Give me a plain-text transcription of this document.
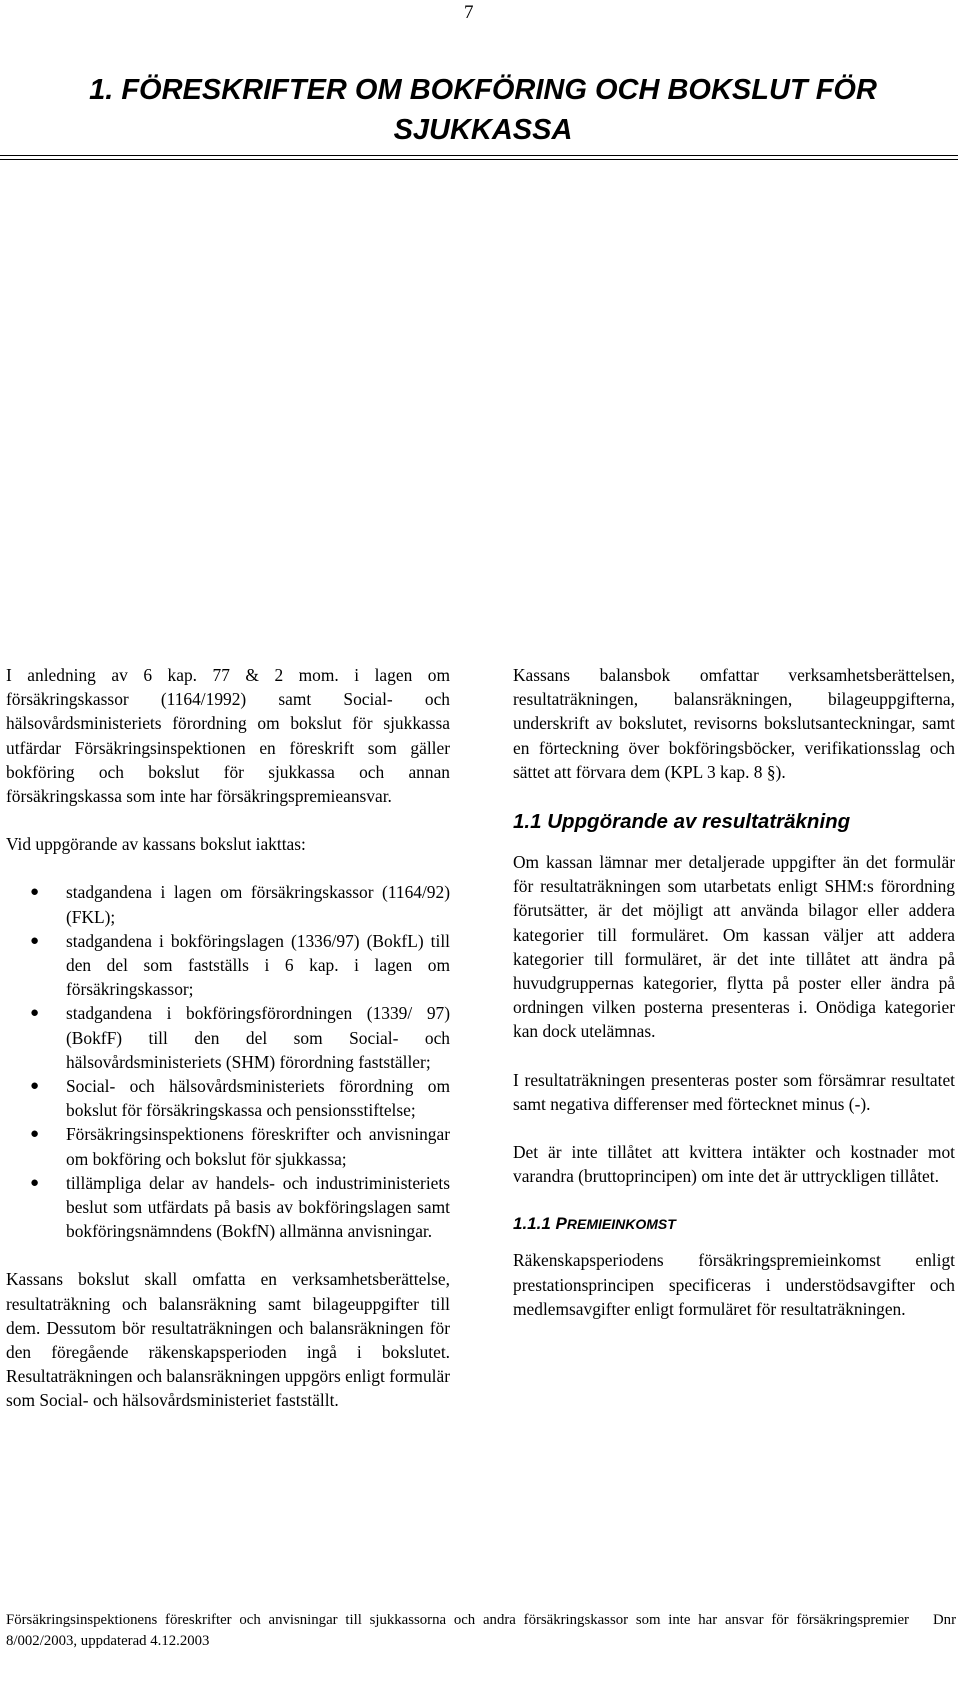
7
1. FÖRESKRIFTER OM BOKFÖRING OCH BOKSLUT FÖR SJUKKASSA

I anledning av 6 kap. 77 & 2 mom. i lagen om försäkringskassor (1164/1992) samt Social- och hälsovårdsministeriets förordning om bokslut för sjukkassa utfärdar Försäkringsinspektionen en föreskrift som gäller bokföring och bokslut för sjukkassa och annan försäkringskassa som inte har försäkringspremieansvar.

Vid uppgörande av kassans bokslut iakttas:

● stadgandena i lagen om försäkringskassor (1164/92)(FKL);
● stadgandena i bokföringslagen (1336/97) (BokfL) till den del som fastställs i 6 kap. i lagen om försäkringskassor;
● stadgandena i bokföringsförordningen (1339/ 97)(BokfF) till den del som Social- och hälsovårdsministeriets (SHM) förordning fastställer;
● Social- och hälsovårdsministeriets förordning om bokslut för försäkringskassa och pensionsstiftelse;
● Försäkringsinspektionens föreskrifter och anvisningar om bokföring och bokslut för sjukkassa;
● tillämpliga delar av handels- och industriministeriets beslut som utfärdats på basis av bokföringslagen samt bokföringsnämndens (BokfN) allmänna anvisningar.

Kassans bokslut skall omfatta en verksamhetsberättelse, resultaträkning och balansräkning samt bilageuppgifter till dem. Dessutom bör resultaträkningen och balansräkningen för den föregående räkenskapsperioden ingå i bokslutet. Resultaträkningen och balansräkningen uppgörs enligt formulär som Social- och hälsovårdsministeriet fastställt.

Kassans balansbok omfattar verksamhetsberättelsen, resultaträkningen, balansräkningen, bilageuppgifterna, underskrift av bokslutet, revisorns bokslutsanteckningar, samt en förteckning över bokföringsböcker, verifikationsslag och sättet att förvara dem (KPL 3 kap. 8 §).

1.1 Uppgörande av resultaträkning

Om kassan lämnar mer detaljerade uppgifter än det formulär för resultaträkningen som utarbetats enligt SHM:s förordning förutsätter, är det möjligt att använda bilagor eller addera kategorier till formuläret. Om kassan väljer att addera kategorier till formuläret, är det inte tillåtet att ändra på huvudgruppernas kategorier, flytta på poster eller ändra på ordningen vilken posterna presenteras i. Onödiga kategorier kan dock utelämnas.

I resultaträkningen presenteras poster som försämrar resultatet samt negativa differenser med förtecknet minus (-).

Det är inte tillåtet att kvittera intäkter och kostnader mot varandra (bruttoprincipen) om inte det är uttryckligen tillåtet.

1.1.1 PREMIEINKOMST

Räkenskapsperiodens försäkringspremieinkomst enligt prestationsprincipen specificeras i understödsavgifter och medlemsavgifter enligt formuläret för resultaträkningen.

Försäkringsinspektionens föreskrifter och anvisningar till sjukkassorna och andra försäkringskassor som inte har ansvar för försäkringspremier Dnr 8/002/2003, uppdaterad 4.12.2003
